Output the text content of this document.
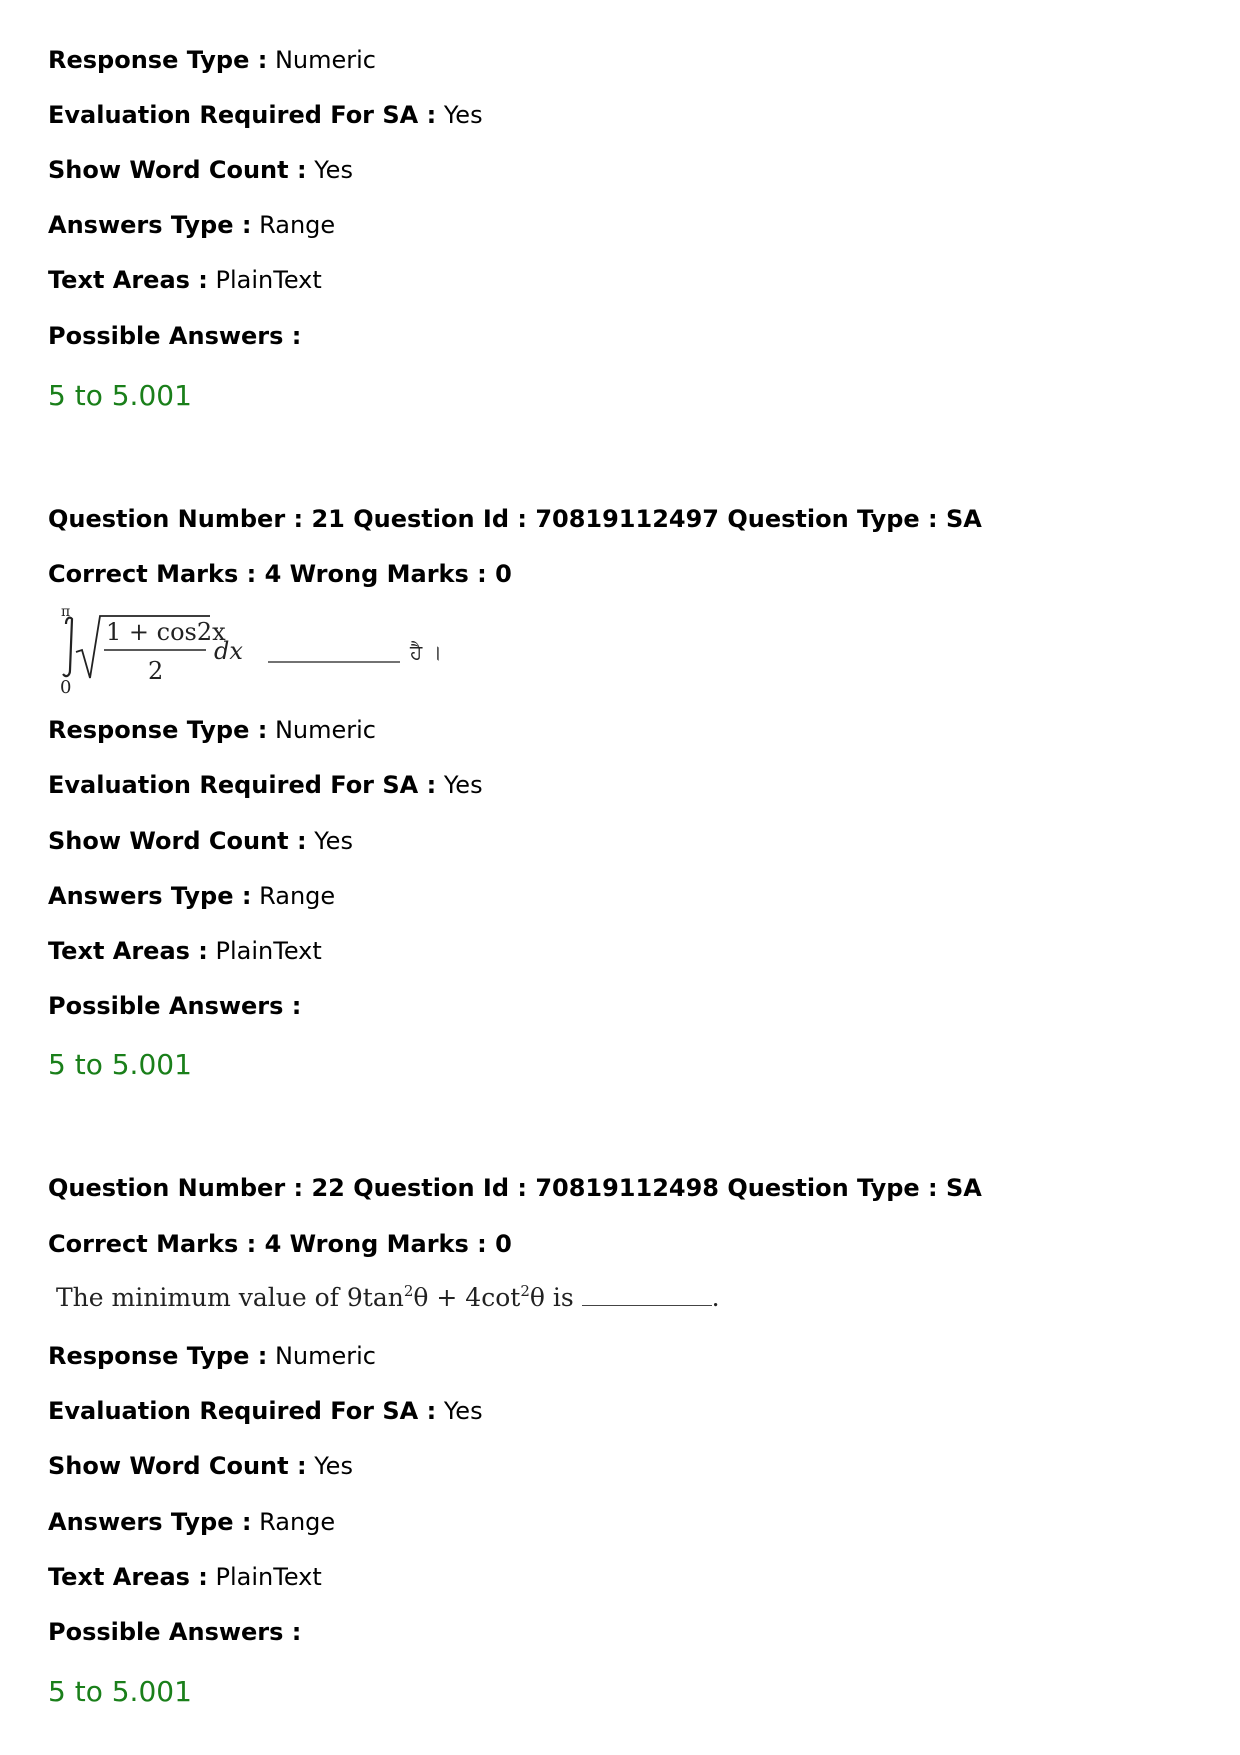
Response Type : Numeric
Evaluation Required For SA : Yes
Show Word Count : Yes
Answers Type : Range
Text Areas : PlainText
Possible Answers :
5 to 5.001
Question Number : 21 Question Id : 70819112497 Question Type : SA
Correct Marks : 4 Wrong Marks : 0
π
0
1 + cos2x
2
dx	ਹੈ ।
Response Type : Numeric
Evaluation Required For SA : Yes
Show Word Count : Yes
Answers Type : Range
Text Areas : PlainText
Possible Answers :
5 to 5.001
Question Number : 22 Question Id : 70819112498 Question Type : SA
Correct Marks : 4 Wrong Marks : 0
The minimum value of $9\tan^2\theta + 4\cot^2\theta$ is	.
Response Type : Numeric
Evaluation Required For SA : Yes
Show Word Count : Yes
Answers Type : Range
Text Areas : PlainText
Possible Answers :
5 to 5.001
